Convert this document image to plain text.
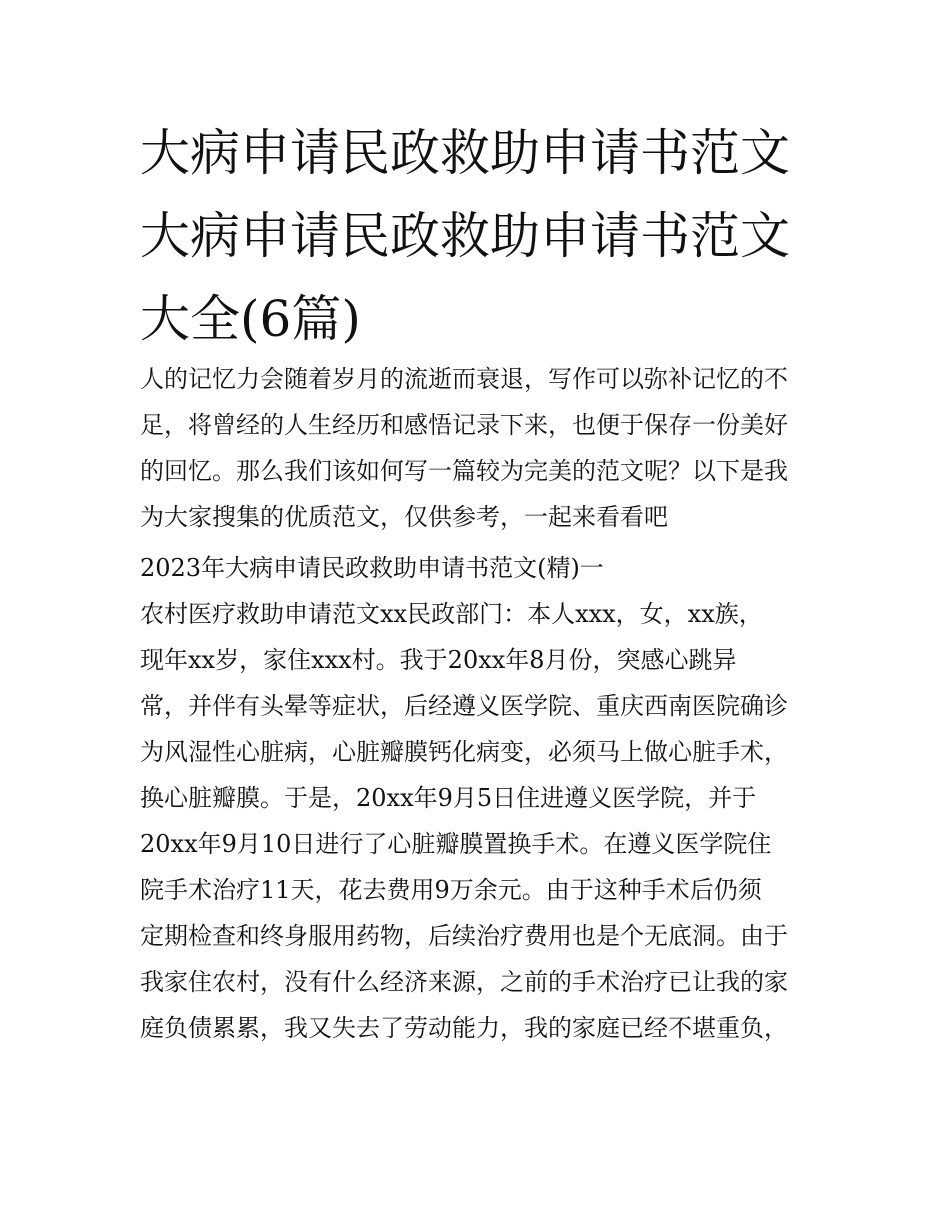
大病申请民政救助申请书范文
大病申请民政救助申请书范文
大全(6篇)
人的记忆力会随着岁月的流逝而衰退，写作可以弥补记忆的不
足，将曾经的人生经历和感悟记录下来，也便于保存一份美好
的回忆。那么我们该如何写一篇较为完美的范文呢？以下是我
为大家搜集的优质范文，仅供参考，一起来看看吧
2023年大病申请民政救助申请书范文(精)一
农村医疗救助申请范文xx民政部门：本人xxx，女，xx族，
现年xx岁，家住xxx村。我于20xx年8月份，突感心跳异
常，并伴有头晕等症状，后经遵义医学院、重庆西南医院确诊
为风湿性心脏病，心脏瓣膜钙化病变，必须马上做心脏手术，
换心脏瓣膜。于是，20xx年9月5日住进遵义医学院，并于
20xx年9月10日进行了心脏瓣膜置换手术。在遵义医学院住
院手术治疗11天，花去费用9万余元。由于这种手术后仍须
定期检查和终身服用药物，后续治疗费用也是个无底洞。由于
我家住农村，没有什么经济来源，之前的手术治疗已让我的家
庭负债累累，我又失去了劳动能力，我的家庭已经不堪重负，
